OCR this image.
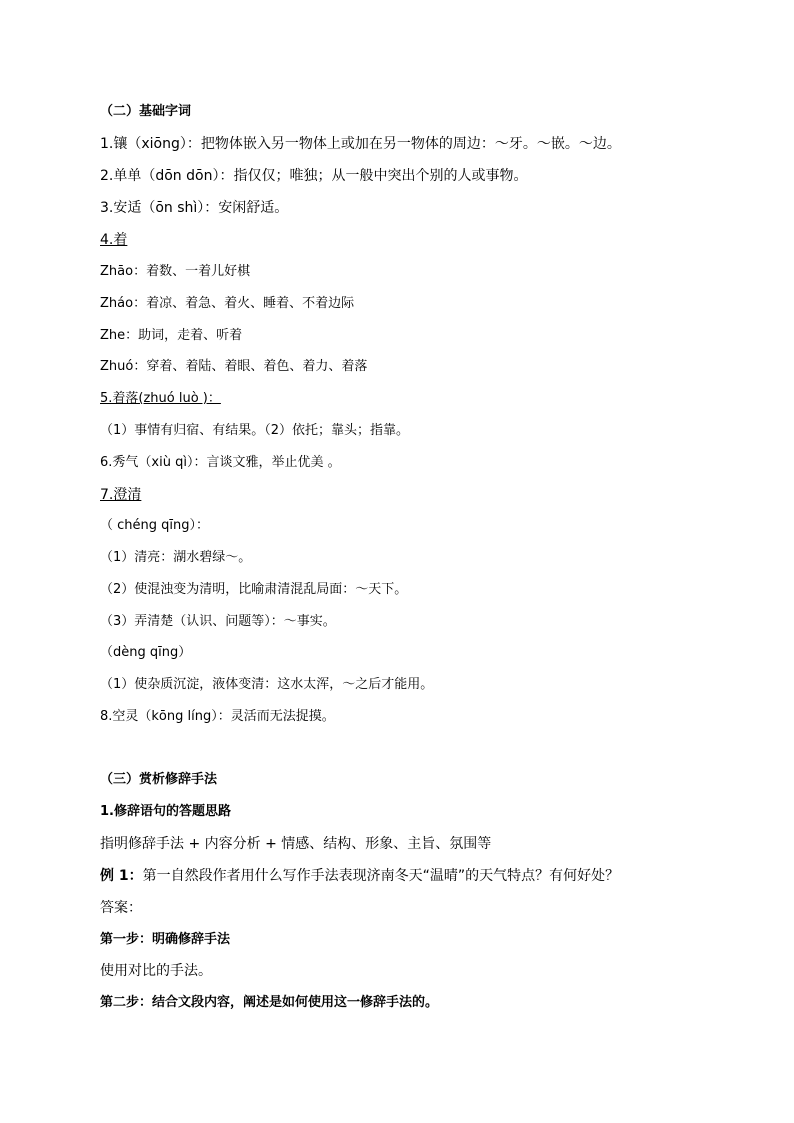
（二）基础字词
1.镶（xiōng）：把物体嵌入另一物体上或加在另一物体的周边：～牙。～嵌。～边。
2.单单（dōn dōn）：指仅仅；唯独；从一般中突出个别的人或事物。
3.安适（ōn shì）：安闲舒适。
4.着
Zhāo：着数、一着儿好棋
Zháo：着凉、着急、着火、睡着、不着边际
Zhe：助词，走着、听着
Zhuó：穿着、着陆、着眼、着色、着力、着落
5.着落(zhuó luò )：
（1）事情有归宿、有结果。（2）依托；靠头；指靠。
6.秀气（xiù qì）：言谈文雅，举止优美 。
7.澄清
（ chéng qīng）：
（1）清亮：湖水碧绿～。
（2）使混浊变为清明，比喻肃清混乱局面：～天下。
（3）弄清楚（认识、问题等）：～事实。
（dèng qīng）
（1）使杂质沉淀，液体变清：这水太浑，～之后才能用。
8.空灵（kōng líng）：灵活而无法捉摸。
（三）赏析修辞手法
1.修辞语句的答题思路
指明修辞手法 + 内容分析 + 情感、结构、形象、主旨、氛围等
例 1：第一自然段作者用什么写作手法表现济南冬天“温晴”的天气特点？有何好处？
答案：
第一步：明确修辞手法
使用对比的手法。
第二步：结合文段内容，阐述是如何使用这一修辞手法的。
